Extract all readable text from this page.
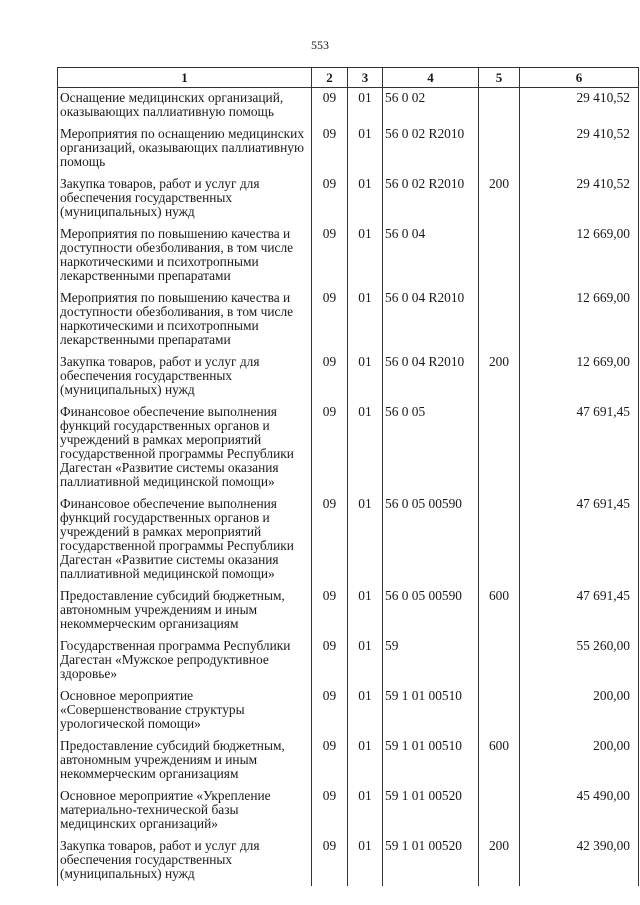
553
1	2	3	4	5	6
Оснащение медицинских организаций, оказывающих паллиативную помощь	09	01	56 0 02		29 410,52
Мероприятия по оснащению медицинских организаций, оказывающих паллиативную помощь	09	01	56 0 02 R2010		29 410,52
Закупка товаров, работ и услуг для обеспечения государственных (муниципальных) нужд	09	01	56 0 02 R2010	200	29 410,52
Мероприятия по повышению качества и доступности обезболивания, в том числе наркотическими и психотропными лекарственными препаратами	09	01	56 0 04		12 669,00
Мероприятия по повышению качества и доступности обезболивания, в том числе наркотическими и психотропными лекарственными препаратами	09	01	56 0 04 R2010		12 669,00
Закупка товаров, работ и услуг для обеспечения государственных (муниципальных) нужд	09	01	56 0 04 R2010	200	12 669,00
Финансовое обеспечение выполнения функций государственных органов и учреждений в рамках мероприятий государственной программы Республики Дагестан «Развитие системы оказания паллиативной медицинской помощи»	09	01	56 0 05		47 691,45
Финансовое обеспечение выполнения функций государственных органов и учреждений в рамках мероприятий государственной программы Республики Дагестан «Развитие системы оказания паллиативной медицинской помощи»	09	01	56 0 05 00590		47 691,45
Предоставление субсидий бюджетным, автономным учреждениям и иным некоммерческим организациям	09	01	56 0 05 00590	600	47 691,45
Государственная программа Республики Дагестан «Мужское репродуктивное здоровье»	09	01	59		55 260,00
Основное мероприятие «Совершенствование структуры урологической помощи»	09	01	59 1 01 00510		200,00
Предоставление субсидий бюджетным, автономным учреждениям и иным некоммерческим организациям	09	01	59 1 01 00510	600	200,00
Основное мероприятие «Укрепление материально-технической базы медицинских организаций»	09	01	59 1 01 00520		45 490,00
Закупка товаров, работ и услуг для обеспечения государственных (муниципальных) нужд	09	01	59 1 01 00520	200	42 390,00
